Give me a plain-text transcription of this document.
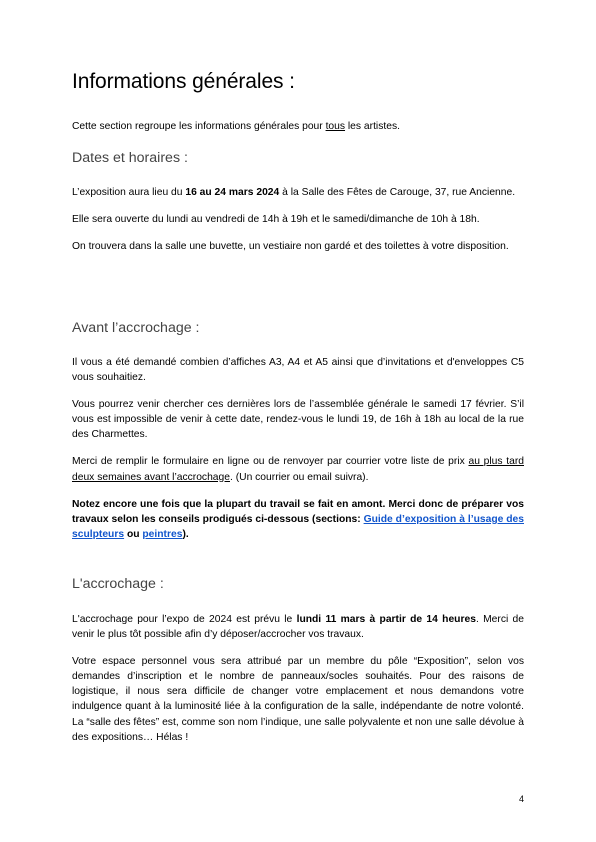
Informations générales :

Cette section regroupe les informations générales pour tous les artistes.

Dates et horaires :

L’exposition aura lieu du 16 au 24 mars 2024 à la Salle des Fêtes de Carouge, 37, rue Ancienne.

Elle sera ouverte du lundi au vendredi de 14h à 19h et le samedi/dimanche de 10h à 18h.

On trouvera dans la salle une buvette, un vestiaire non gardé et des toilettes à votre disposition.

Avant l’accrochage :

Il vous a été demandé combien d’affiches A3, A4 et A5 ainsi que d’invitations et d'enveloppes C5 vous souhaitiez.

Vous pourrez venir chercher ces dernières lors de l’assemblée générale le samedi 17 février. S’il vous est impossible de venir à cette date, rendez-vous le lundi 19, de 16h à 18h au local de la rue des Charmettes.

Merci de remplir le formulaire en ligne ou de renvoyer par courrier votre liste de prix au plus tard deux semaines avant l’accrochage. (Un courrier ou email suivra).

Notez encore une fois que la plupart du travail se fait en amont. Merci donc de préparer vos travaux selon les conseils prodigués ci-dessous (sections: Guide d’exposition à l’usage des sculpteurs ou peintres).

L'accrochage :

L'accrochage pour l’expo de 2024 est prévu le lundi 11 mars à partir de 14 heures. Merci de venir le plus tôt possible afin d’y déposer/accrocher vos travaux.

Votre espace personnel vous sera attribué par un membre du pôle “Exposition”, selon vos demandes d’inscription et le nombre de panneaux/socles souhaités. Pour des raisons de logistique, il nous sera difficile de changer votre emplacement et nous demandons votre indulgence quant à la luminosité liée à la configuration de la salle, indépendante de notre volonté. La “salle des fêtes” est, comme son nom l’indique, une salle polyvalente et non une salle dévolue à des expositions… Hélas !

4
